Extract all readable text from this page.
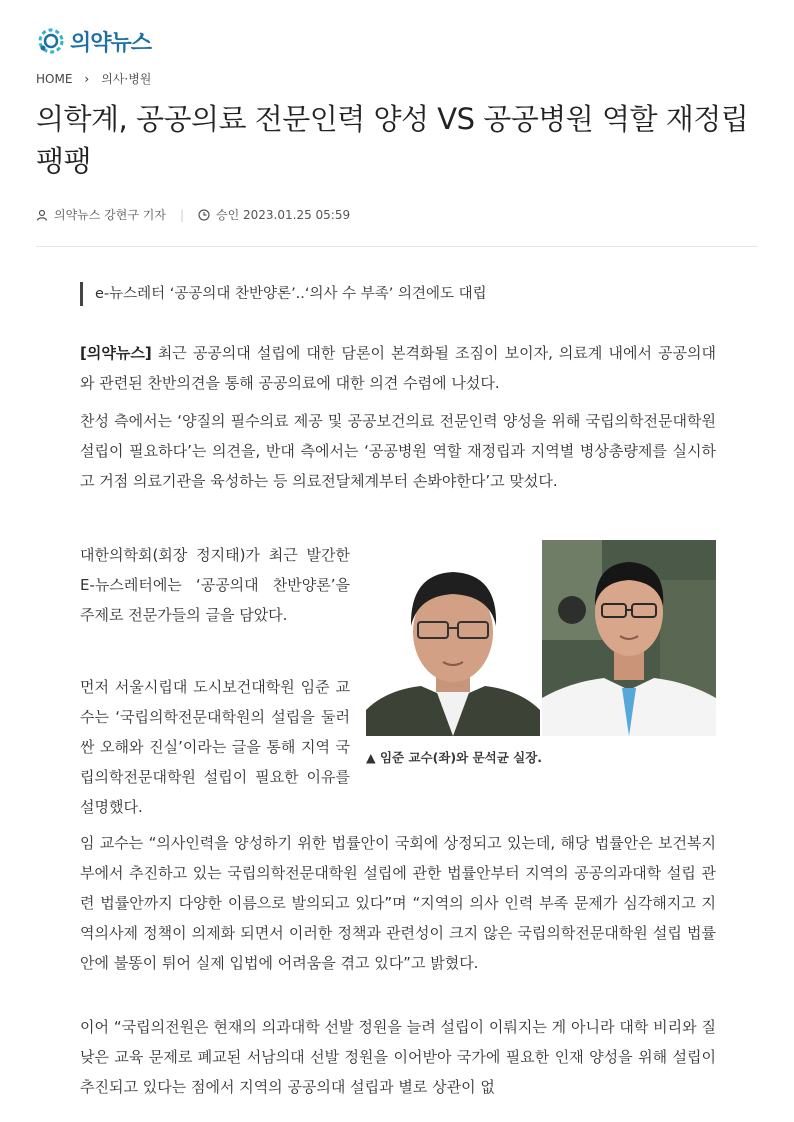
의약뉴스
HOME › 의사·병원
의학계, 공공의료 전문인력 양성 VS 공공병원 역할 재정립
팽팽
의약뉴스 강현구 기자 |	승인 2023.01.25 05:59
e-뉴스레터 ‘공공의대 찬반양론’..‘의사 수 부족’ 의견에도 대립

[의약뉴스] 최근 공공의대 설립에 대한 담론이 본격화될 조짐이 보이자, 의료계 내에서 공공의대와 관련된 찬반의견을 통해 공공의료에 대한 의견 수렴에 나섰다.

찬성 측에서는 ‘양질의 필수의료 제공 및 공공보건의료 전문인력 양성을 위해 국립의학전문대학원 설립이 필요하다’는 의견을, 반대 측에서는 ‘공공병원 역할 재정립과 지역별 병상총량제를 실시하고 거점 의료기관을 육성하는 등 의료전달체계부터 손봐야한다’고 맞섰다.

대한의학회(회장 정지태)가 최근 발간한 E-뉴스레터에는 ‘공공의대 찬반양론’을 주제로 전문가들의 글을 담았다.

먼저 서울시립대 도시보건대학원 임준 교수는 ‘국립의학전문대학원의 설립을 둘러싼 오해와 진실’이라는 글을 통해 지역 국립의학전문대학원 설립이 필요한 이유를 설명했다.

▲ 임준 교수(좌)와 문석균 실장.

임 교수는 “의사인력을 양성하기 위한 법률안이 국회에 상정되고 있는데, 해당 법률안은 보건복지부에서 추진하고 있는 국립의학전문대학원 설립에 관한 법률안부터 지역의 공공의과대학 설립 관련 법률안까지 다양한 이름으로 발의되고 있다”며 “지역의 의사 인력 부족 문제가 심각해지고 지역의사제 정책이 의제화 되면서 이러한 정책과 관련성이 크지 않은 국립의학전문대학원 설립 법률안에 불똥이 튀어 실제 입법에 어려움을 겪고 있다”고 밝혔다.

이어 “국립의전원은 현재의 의과대학 선발 정원을 늘려 설립이 이뤄지는 게 아니라 대학 비리와 질 낮은 교육 문제로 폐교된 서남의대 선발 정원을 이어받아 국가에 필요한 인재 양성을 위해 설립이 추진되고 있다는 점에서 지역의 공공의대 설립과 별로 상관이 없
